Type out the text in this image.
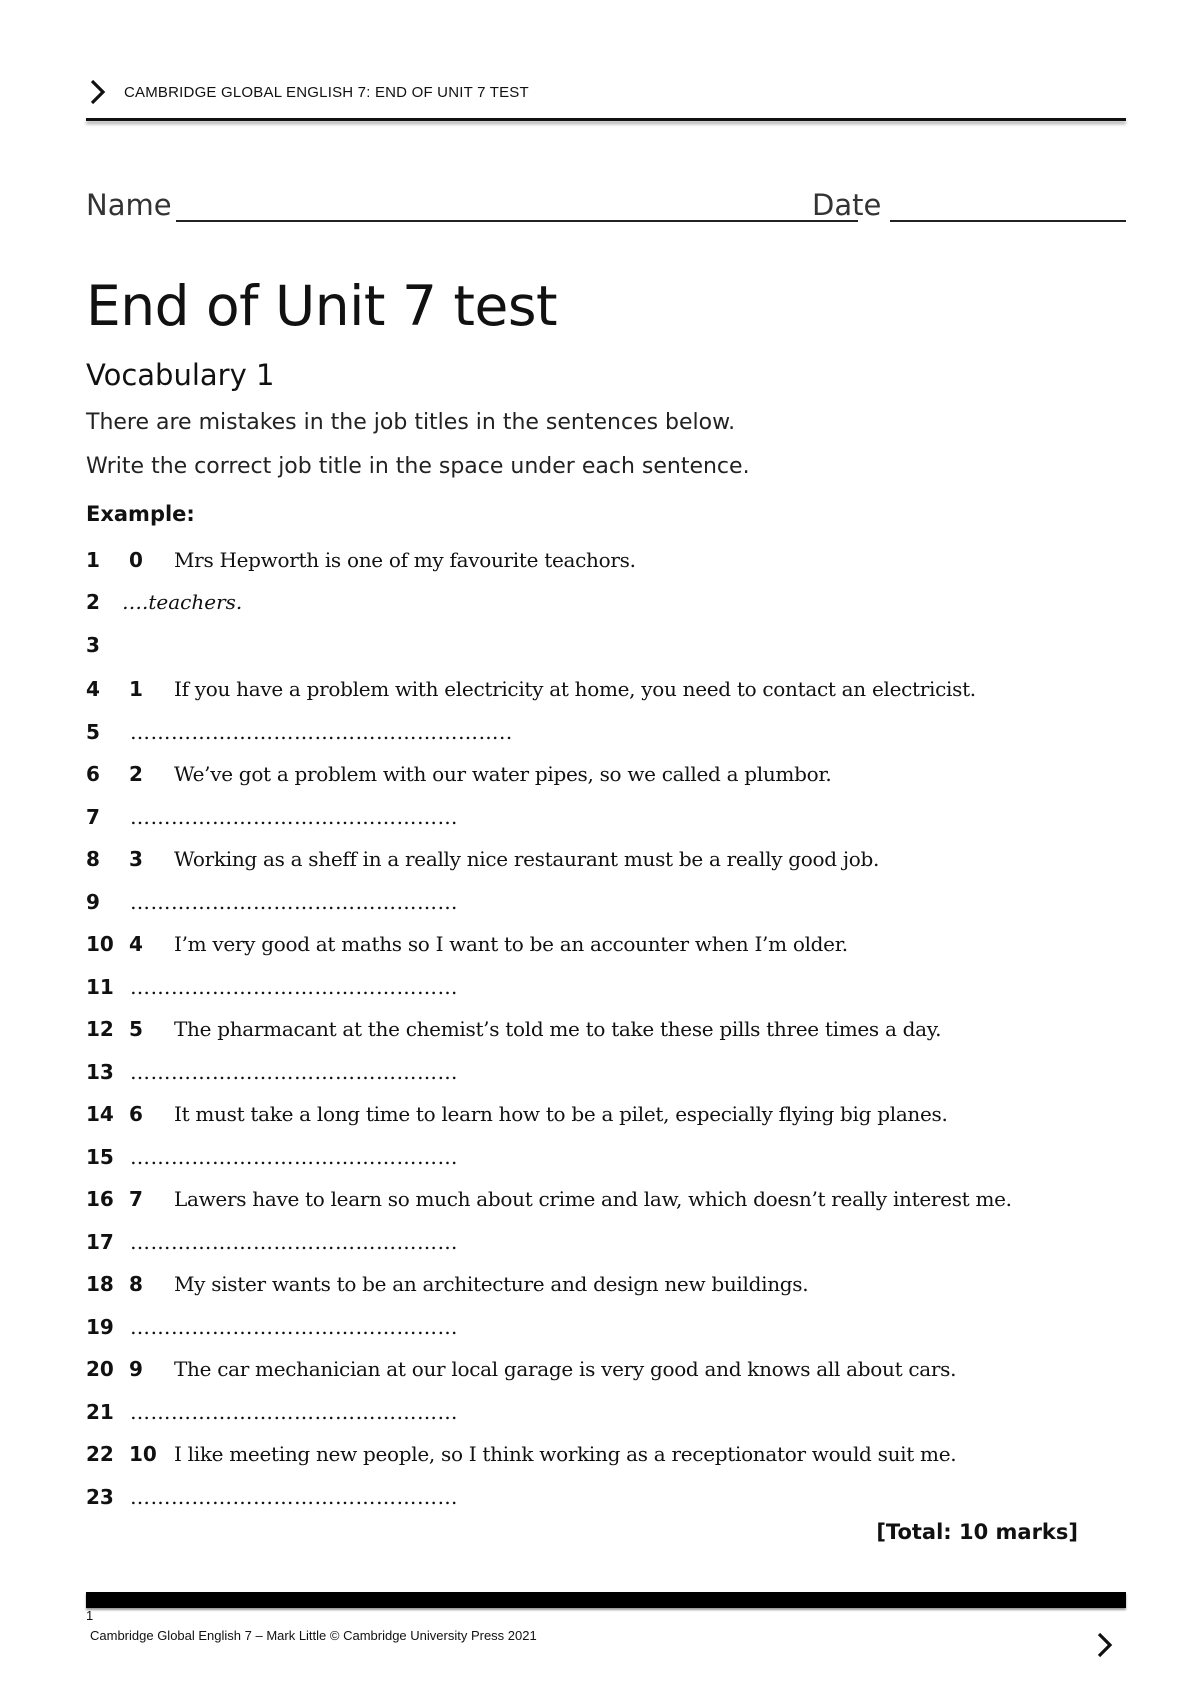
CAMBRIDGE GLOBAL ENGLISH 7: END OF UNIT 7 TEST
Name	Date
End of Unit 7 test
Vocabulary 1
There are mistakes in the job titles in the sentences below.
Write the correct job title in the space under each sentence.
Example:
1 0 Mrs Hepworth is one of my favourite teachors.
2 ….teachers.
3
4 1 If you have a problem with electricity at home, you need to contact an electricist.
5 ………………………………………………..
6 2 We’ve got a problem with our water pipes, so we called a plumbor.
7 …………………………………………
8 3 Working as a sheff in a really nice restaurant must be a really good job.
9 …………………………………………
10 4 I’m very good at maths so I want to be an accounter when I’m older.
11 …………………………………………
12 5 The pharmacant at the chemist’s told me to take these pills three times a day.
13 …………………………………………
14 6 It must take a long time to learn how to be a pilet, especially flying big planes.
15 …………………………………………
16 7 Lawers have to learn so much about crime and law, which doesn’t really interest me.
17 …………………………………………
18 8 My sister wants to be an architecture and design new buildings.
19 …………………………………………
20 9 The car mechanician at our local garage is very good and knows all about cars.
21 …………………………………………
22 10 I like meeting new people, so I think working as a receptionator would suit me.
23 …………………………………………
[Total: 10 marks]
1
Cambridge Global English 7 – Mark Little © Cambridge University Press 2021
